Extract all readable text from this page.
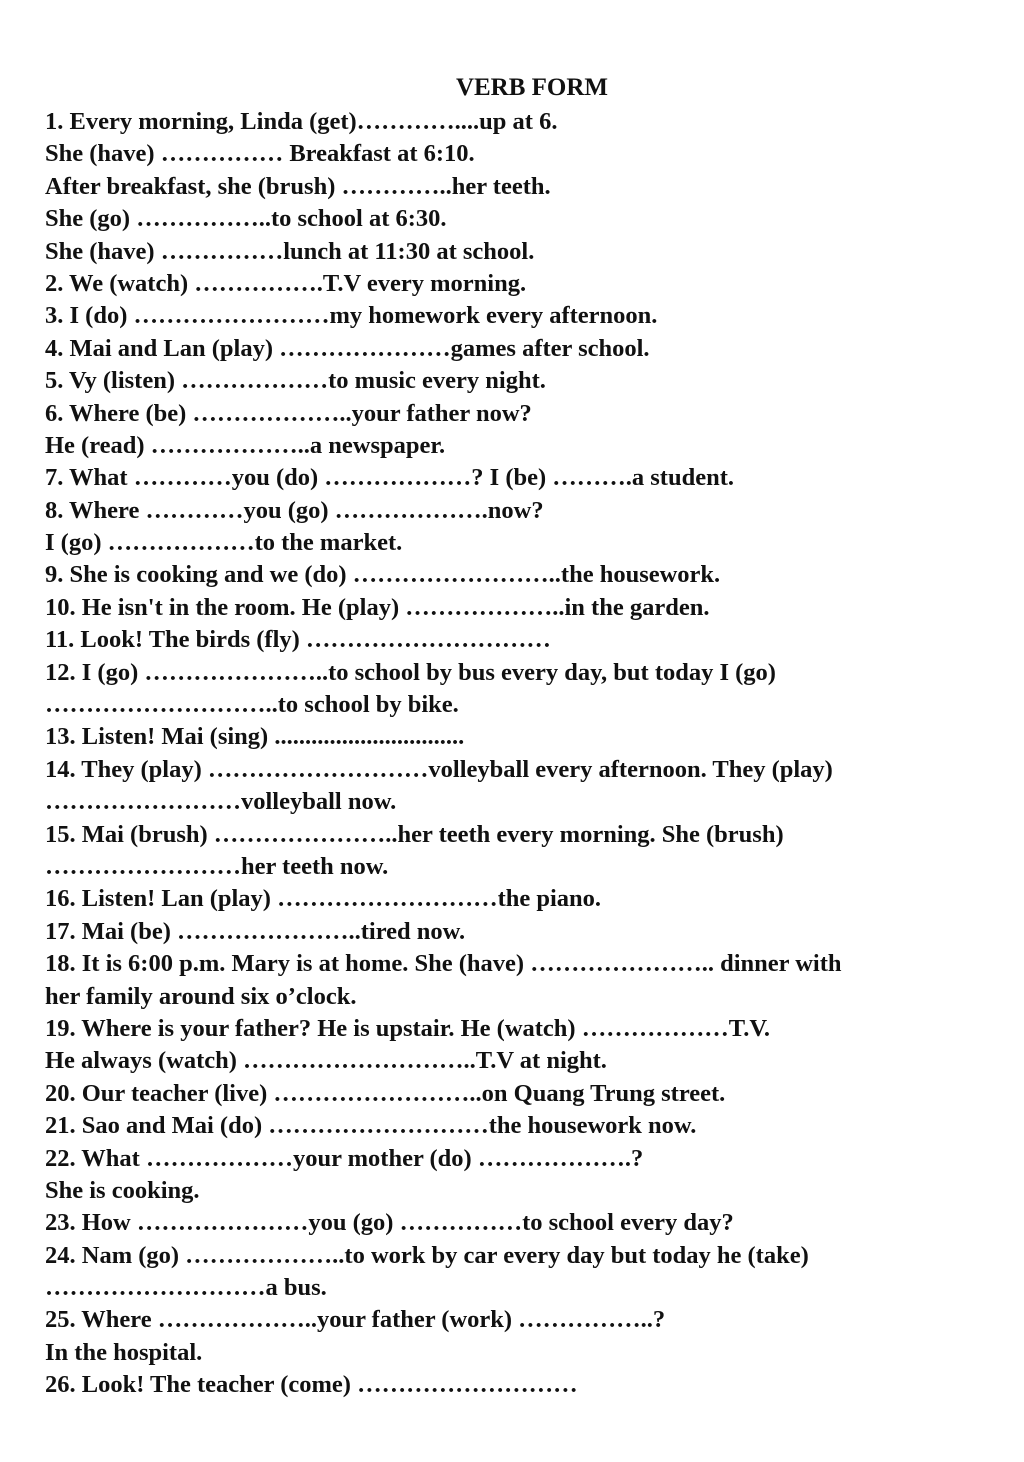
VERB FORM
1. Every morning, Linda (get)…………....up at 6.
She (have) …………… Breakfast at 6:10.
After breakfast, she (brush) …………..her teeth.
She (go) ……………..to school at 6:30.
She (have) ……………lunch at 11:30 at school.
2. We (watch) …………….T.V every morning.
3. I (do) ……………………my homework every afternoon.
4. Mai and Lan (play) …………………games after school.
5. Vy (listen) ………………to music every night.
6. Where (be) ………………..your father now?
He (read) ………………..a newspaper.
7. What …………you (do) ………………? I (be) ……….a student.
8. Where …………you (go) ……………….now?
I (go) ………………to the market.
9. She is cooking and we (do) ……………………..the housework.
10. He isn't in the room. He (play) ………………..in the garden.
11. Look! The birds (fly) …………………………
12. I (go) …………………..to school by bus every day, but today I (go)
………………………..to school by bike.
13. Listen! Mai (sing) ...............................
14. They (play) ………………………volleyball every afternoon. They (play)
……………………volleyball now.
15. Mai (brush) …………………..her teeth every morning. She (brush)
……………………her teeth now.
16. Listen! Lan (play) ………………………the piano.
17. Mai (be) …………………..tired now.
18. It is 6:00 p.m. Mary is at home. She (have) ………………….. dinner with
her family around six o’clock.
19. Where is your father? He is upstair. He (watch) ………………T.V.
He always (watch) ………………………..T.V at night.
20. Our teacher (live) ……………………..on Quang Trung street.
21. Sao and Mai (do) ………………………the housework now.
22. What ………………your mother (do) ……………….?
She is cooking.
23. How …………………you (go) ……………to school every day?
24. Nam (go) ………………..to work by car every day but today he (take)
………………………a bus.
25. Where ………………..your father (work) ……………..?
In the hospital.
26. Look! The teacher (come) ………………………
